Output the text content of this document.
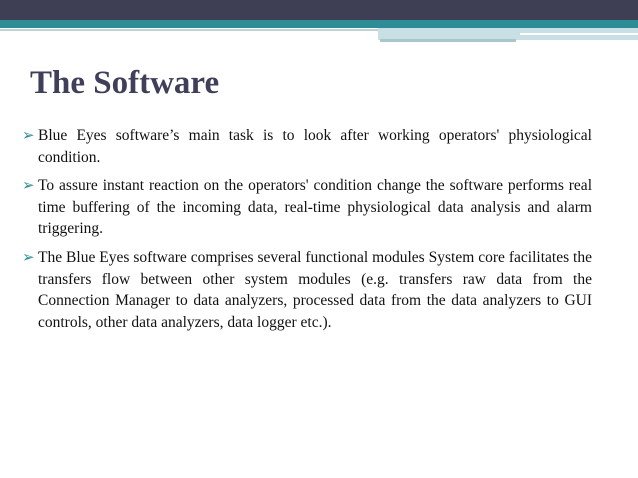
The Software
➢ Blue Eyes software’s main task is to look after working operators' physiological condition.
➢ To assure instant reaction on the operators' condition change the software performs real time buffering of the incoming data, real-time physiological data analysis and alarm triggering.
➢ The Blue Eyes software comprises several functional modules System core facilitates the transfers flow between other system modules (e.g. transfers raw data from the Connection Manager to data analyzers, processed data from the data analyzers to GUI controls, other data analyzers, data logger etc.).
